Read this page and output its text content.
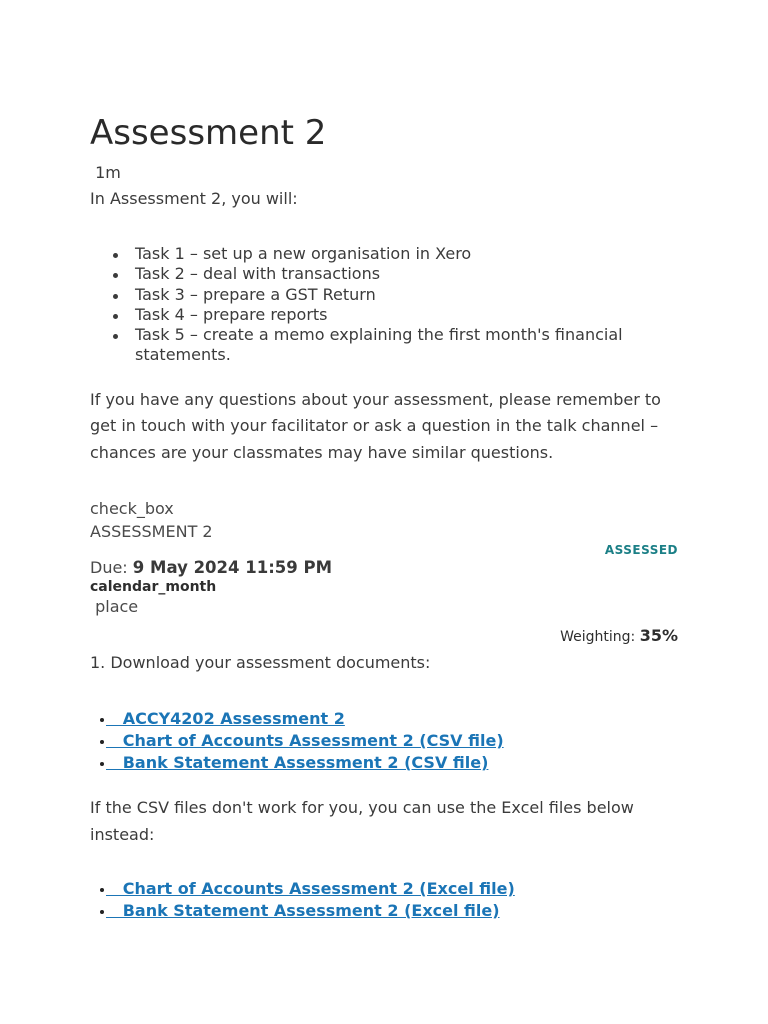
Assessment 2
1m
In Assessment 2, you will:
Task 1 – set up a new organisation in Xero
Task 2 – deal with transactions
Task 3 – prepare a GST Return
Task 4 – prepare reports
Task 5 – create a memo explaining the first month's financial statements.
If you have any questions about your assessment, please remember to get in touch with your facilitator or ask a question in the talk channel – chances are your classmates may have similar questions.
check_box
ASSESSMENT 2
ASSESSED
Due: 9 May 2024 11:59 PM
calendar_month
place
Weighting: 35%
1. Download your assessment documents:
ACCY4202 Assessment 2
Chart of Accounts Assessment 2 (CSV file)
Bank Statement Assessment 2 (CSV file)
If the CSV files don't work for you, you can use the Excel files below instead:
Chart of Accounts Assessment 2 (Excel file)
Bank Statement Assessment 2 (Excel file)
